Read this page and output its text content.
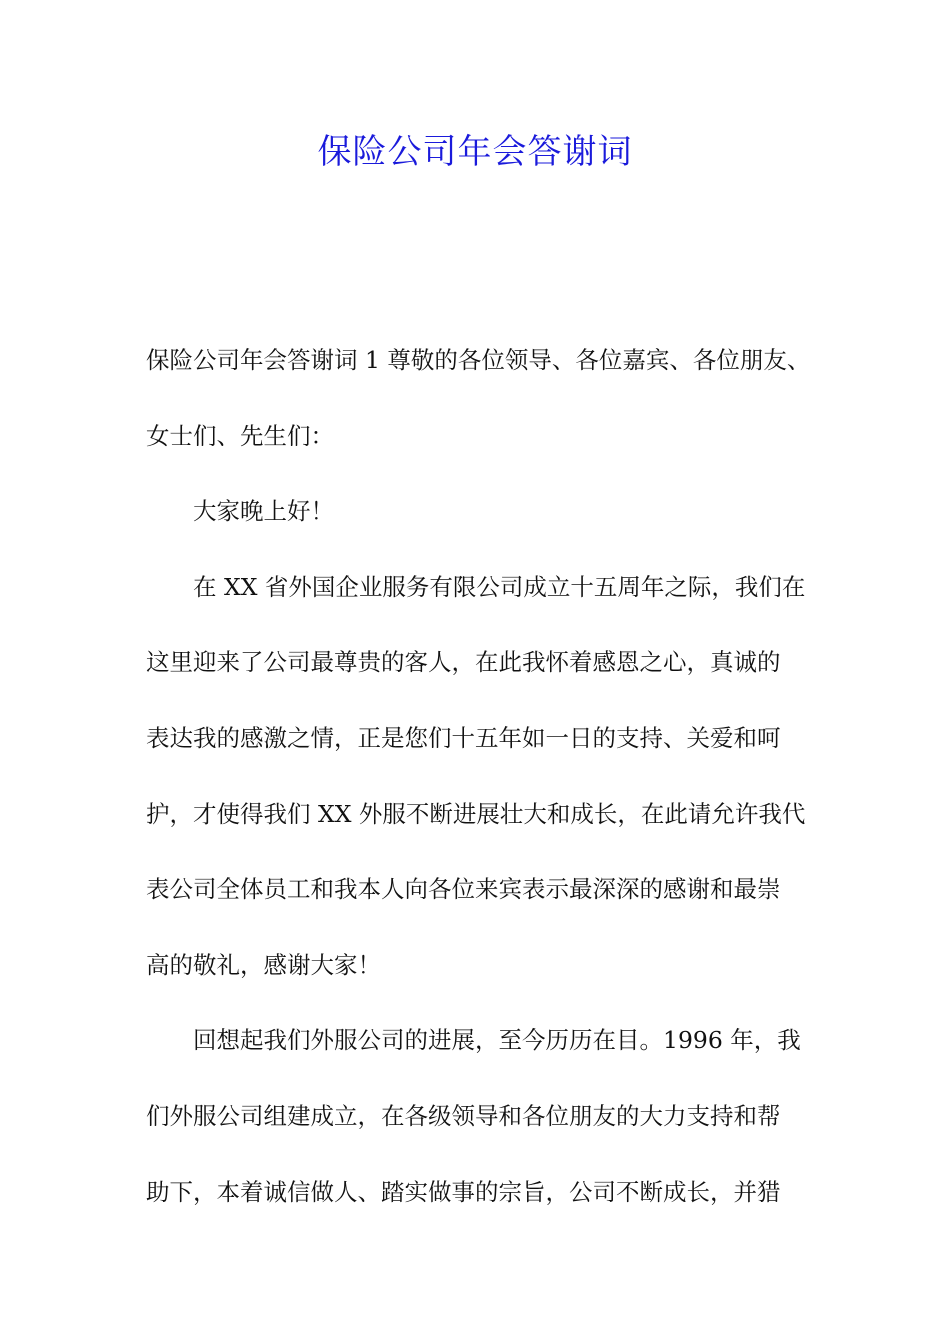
保险公司年会答谢词
保险公司年会答谢词 1 尊敬的各位领导、各位嘉宾、各位朋友、
女士们、先生们：
大家晚上好！
在 XX 省外国企业服务有限公司成立十五周年之际，我们在
这里迎来了公司最尊贵的客人，在此我怀着感恩之心，真诚的
表达我的感激之情，正是您们十五年如一日的支持、关爱和呵
护，才使得我们 XX 外服不断进展壮大和成长，在此请允许我代
表公司全体员工和我本人向各位来宾表示最深深的感谢和最崇
高的敬礼，感谢大家！
回想起我们外服公司的进展，至今历历在目。1996 年，我
们外服公司组建成立，在各级领导和各位朋友的大力支持和帮
助下，本着诚信做人、踏实做事的宗旨，公司不断成长，并猎
